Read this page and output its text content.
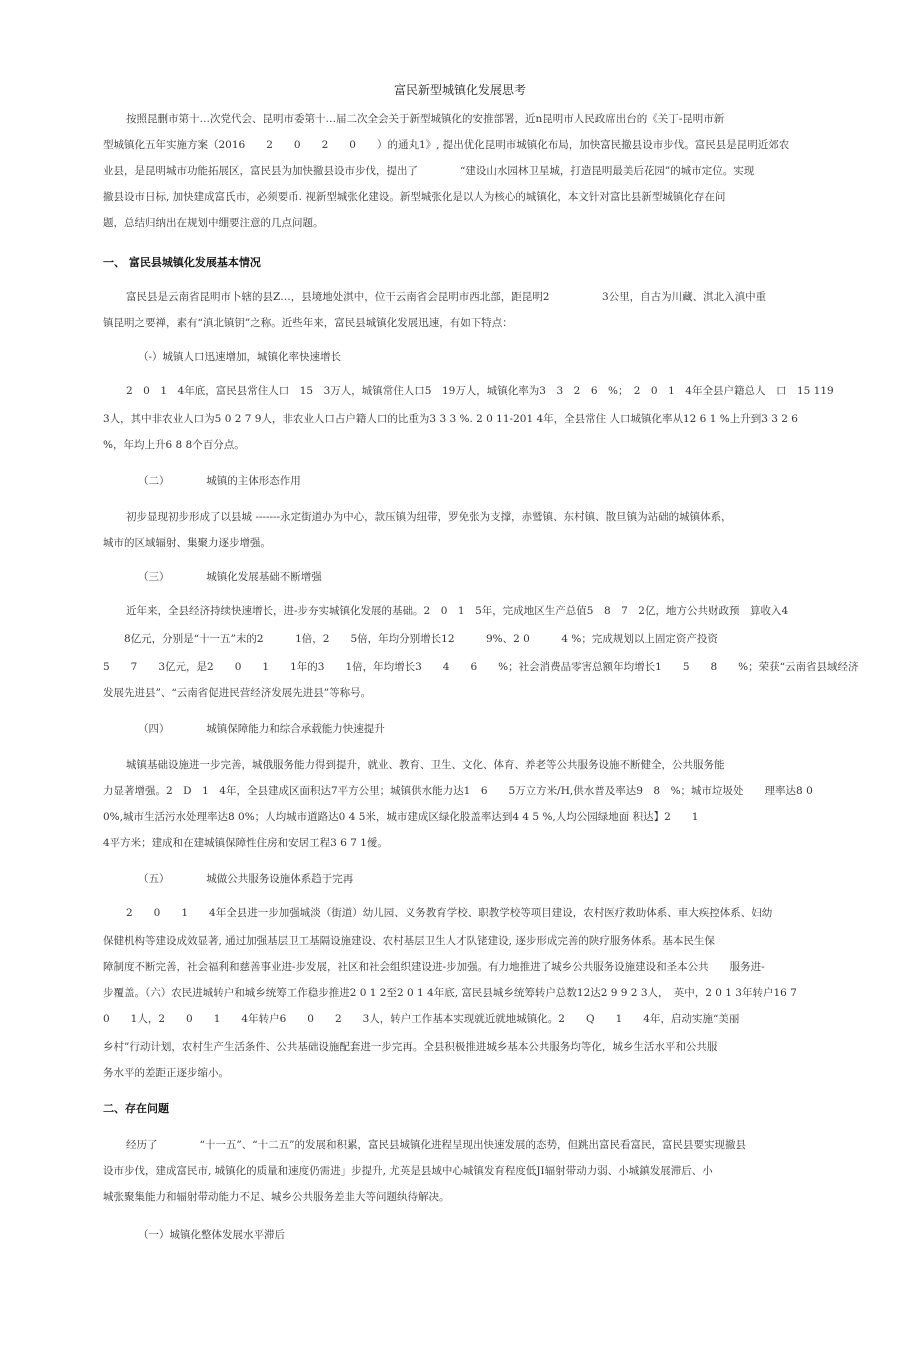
富民新型城镇化发展思考
按照昆删市第十…次党代会、昆明市委第十…届二次全会关于新型城镇化的安推部署，近n昆明市人民政席出台的《关丁-昆明市新
型城镇化五年实施方案（2016　　2　　0　　2　　0　　）的通丸1》, 提出优化昆明市城镇化布局，加快富民撤县设市步伐。富民县是昆明近郊农
业县，是昆明城市功能拓展区，富民县为加快撤县设市步伐，提出了　　　　“建设山水园林卫星城，打造昆明最美后花园”的城市定位。实现
撤县设市日标, 加快建成富氏市，必须要币. 视新型城张化建设。新型城张化是以人为核心的城镇化，本文针对富比县新型城镇化存在问
题，总结归纳出在规划中绷要注意的几点问题。
一、 富民县城镇化发展基本情况
富民县是云南省昆明市卜辖的县Z…，县境地处淇中，位干云南省会昆明市西北部，距昆明2　　　　　3公里，自古为川藏、淇北入滇中重
镇昆明之要禅，素有“滇北镇钥”之称。近些年来，富民县城镇化发展迅速，有如下特点：
（-）城镇人口迅速增加，城镇化率快速增长
2　0　1　4年底，富民县常住人口　15　3万人，城镇常住人口5　19万人，城镇化率为3　3　2　6　%；　2　0　1　4年全县户籍总人　口　15 119
3人，其中非农业人口为5 0 2 7 9人，非农业人口占户籍人口的比重为3 3 3 %. 2 0 11-201 4年，全县常住 人口城镇化率从12 6 1 %上升到3 3 2 6
%，年均上升6 8 8个百分点。
（二）　　　　城镇的主体形态作用
初步显现初步形成了以县城 -------永定街道办为中心，款压镇为纽带，罗免张为支撑，赤鹫镇、东村镇、散旦镇为站础的城镇体系，
城市的区域辐射、集聚力逐步增强。
（三）　　　　城镇化发展基础不断增强
近年来，全县经济持续快速增长，进-步夯实城镇化发展的基础。2　0　1　5年，完成地区生产总值5　8　7　2亿，地方公共财政预　算收入4
　　8亿元，分别是“十一五”末的2　　　1倍，2　　5倍，年均分别增长12　　　9%、2 0　　　4 %；完成规划以上固定资产投资
5　　7　　3亿元，是2　　0　　1　　1年的3　　1倍，年均增长3　　4　　6　　%；社会消费品零害总额年均增长1　　5　　8　　%；荣获“云南省县域经济
发展先进县”、“云南省促进民营经济发展先进县”等称号。
（四）　　　　城镇保障能力和综合承载能力快速提升
城镇基础设施进一步完善，城俄服务能力得到提升，就业、教育、卫生、文化、体育、养老等公共服务设施不断健全，公共服务能
力显著增强。2　D　1　4年，全县建成区面积达7平方公里；城镇供水能力达1　6　　5万立方米/H,供水普及率达9　8　%；城市垃圾处　　理率达8 0
0%,城市生活污水处理率达8 0%；人均城市道路达0 4 5米，城市建成区绿化股盖率达到4 4 5 %,人均公园绿地面 积达】2　　1
4平方米；建成和在建城镇保障性住房和安居工程3 6 7 1僾。
（五）　　　　城做公共服务设施体系趋于完再
2　　0　　1　　4年全县进一步加强城淡（街道）幼儿园、义务教育学校、职教学校等项目建设，农村医疗救助体系、車大疾控体系、妇幼
保健机构等建设成效显著, 通过加强基层卫工基隔设施建设、农村基层卫生人才队铑建设, 逐步形成完善的陕疗服务体系。基本民生保
障制度不断完善，社会福利和慈善事业进-步发展，社区和社会组织建设进-步加强。有力地推进了城乡公共服务设施建设和圣本公共　　服务进-
步覆盖。（六）农民进城转户和城乡统筹工作稳步推进2 0 1 2至2 0 1 4年底, 富民县城乡统筹转户总数12达2 9 9 2 3人，　英中，2 0 1 3年转户16 7
0　　1人，2　　0　　1　　4年转户6　　0　　2　　3人，转户工作基本实现就近就地城镇化。2　　Q　　1　　4年，启动实施“美丽
乡村”行动计划，农村生产生活条件、公共基础设施配套进一步完再。全县积极推进城乡基本公共服务均等化，城乡生活水平和公共服
务水平的差距正逐步缩小。
二、存在问题
经历了　　　　“十一五”、“十二五”的发展和积累，富民县城镇化进程呈现出快速发展的态势，但跳出富民看富民，富民县要实现撤县
设市步伐，建成富民市, 城镇化的质量和速度仍需进」步提升, 尤英是县域中心城镇发育程度低JI辐射带动力弱、小城鎮发展滞后、小
城张聚集能力和辐射带动能力不足、城乡公共服务差韭大等问题纨待解决。
（一）城镇化整体发展水平滞后
